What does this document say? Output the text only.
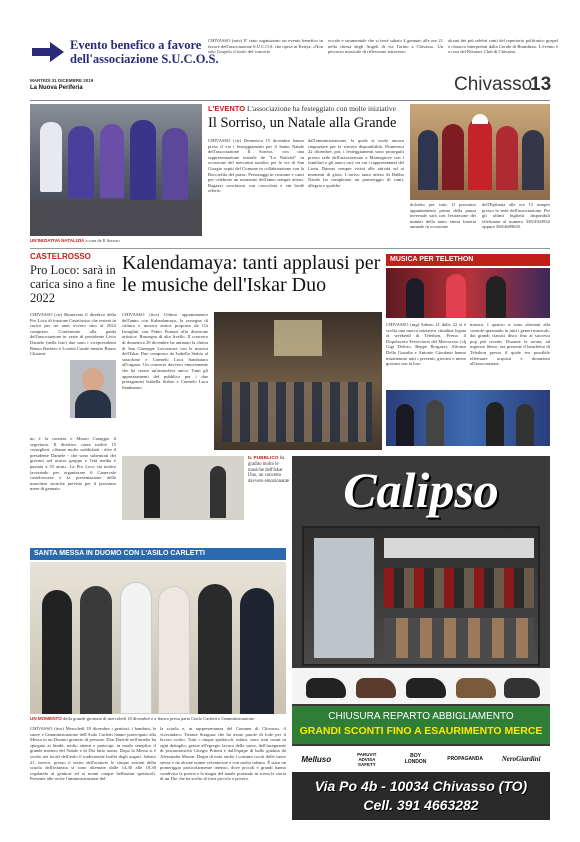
Evento benefico a favore
dell'associazione S.U.C.O.S.
CHIVASSO (mtv) E' stato organizzato un evento benefico in favore dell'associazione S.U.C.O.S. che opera in Kenya. «Non solo Gospel» il titolo del concerto
vocale e strumentale che si terrà sabato 4 gennaio alle ore 21 nella chiesa degli Angeli di via Torino a Chivasso. Un percorso musicale di riflessione attraverso
alcuni dei più celebri canti del repertorio polifonico gospel e classico interpretati dalla Corale di Brandizzo. L'evento è a cura del Rotaract Club di Chivasso.
MARTEDÌ 31 DICEMBRE 2019
La Nuova Periferia	Chivasso
13
UN'INIZIATIVA NATALIZIA a cura de Il Sorriso
L'EVENTO L'associazione ha festeggiato con molte iniziative
Il Sorriso, un Natale alla Grande
CHIVASSO (ctr) Domenica 15 dicembre hanno preso il via i festeggiamenti per il Santo Natale dell'associazione Il Sorriso, con una rappresentazione teatrale de "La Natività" in occasione del mercatini natalizi per le vie di San Giorgio ospiti del Comune in collaborazione con la Bocciofila del paese. Personaggi in costume e canti per celebrare un momento dell'anno sempre atteso. Ragazzi conclusosi con cioccolata e vin brulè offerto
dall'amministrazione, la quale si vuole ancora ringraziare per la sincera disponibilità. Domenica 22 dicembre, poi, i festeggiamenti sono proseguiti presso sede dell'associazione a Montegiove con i familiari e gli amici cari, tra cui i rappresentanti del Lions Duomo sempre vicini alle attività ed ai momenti di gioia. L'arrivo tanto atteso di Babbo Natale ha completato un pomeriggio di canti, allegria e qualche
dolcetto per tutti. Il prossimo appuntamento prima della pausa invernale sarà con l'estrazione dei numeri della tanto attesa lotteria annuale in occasione
dell'Epifania alle ore 15 sempre presso la sede dell'associazione. Per gli ultimi biglietti disponibili telefonare al numero 338/4304932 oppure 360/4689635.
CASTELROSSO
Pro Loco: sarà in carica sino a fine 2022
CHIVASSO (ctr) Rinnovato il direttivo della Pro Loco di frazione Castelrosso che resterà in carica per tre anni ovvero sino al 2022 compreso. Confermato alla guida dell'associazione in veste di presidente Livio Daniele (nella foto) due sono i vicepresidenti Renzo Barbero e Loretta Casale mentre Bruno Chiarmi-
no è la cassiera e Mauro Caraggio il segretario. Il direttivo conta inoltre 15 consiglieri. «Siamo molto soddisfatti - dice il presidente Daniele - che sono subentrati dei giovani nel nostro gruppo e l'età media è passata a 55 anni». La Pro Loco sta inoltre lavorando per organizzare il Carnevale castelrossese e la presentazione delle maschere storiche previste per il prossimo mese di gennaio.
Kalendamaya: tanti applausi per le musiche dell'Iskar Duo
CHIVASSO (ttos) Ultimo appuntamento dell'anno con Kalendamaya, la rassegna di cultura e musica antica proposta da Gli Invaghiti con Fabio Furnari alla direzione artistica. Rassegna di alto livello. Il concerto di domenica 29 dicembre ha animato la chiesa di San Giuseppe Lavoratore con la musica dell'Iskar Duo composto da Isabella Stabio al sassofono e Carmelo Luca Sambataro all'organo. Un concerto davvero emozionante che ha creato un'atmosfera unica. Tanti gli apprezzamenti del pubblico per i due protagonisti Isabella Stabio e Carmelo Luca Sambataro.
IL PUBBLICO ha gradito molto le musiche dell'Iskar Duo, un concerto davvero emozionante
MUSICA PER TELETHON
CHIVASSO (mg) Sabato 21 dalle 22 si è svolta una nuova iniziativa cittadina legata al weekend di Telethon. Presso il Dopolavoro Ferroviario del Mercoroso i dj Gigi Delirio, Beppe Borgazzi, Alfonso Della Guardia e Antonio Giordano hanno intrattenuto tutti i presenti, giovani e meno giovani con la loro
musica. I quattro si sono alternati alla console spaziando in tutti i generi musicali: dai grandi classici disco fino ai successi pop più recenti. Durante la serata, ad ingresso libero, era presente il banchetto di Telethon presso il quale era possibile effettuare acquisti e donazioni all'associazione.
SANTA MESSA IN DUOMO CON L'ASILO CARLETTI
UN MOMENTO della grande giornata di mercoledì 18 dicembre e a fianco presa parte l'asilo Carletti e l'amministrazione
CHIVASSO (ttos) Mercoledì 18 dicembre i genitori, i bambini, le suore e l'amministrazione dell'Asilo Carletti hanno partecipato alla Messa in un Duomo gremito di persone. Don Davide nell'omelia ha spiegato ai bimbi, molto attenti e partecipi, in modo semplice il grande mistero del Natale e di Dio fatto uomo. Dopo la Messa si è svolto nei locali dell'asilo il tradizionale buffet degli auguri. Sabato 21, invece, presso il teatro dell'oratorio le cinque sezioni della scuola dell'infanzia si sono alternate dalle 14,30 alle 18,30 regalando ai genitori ed ai nonni cinque bellissimi spettacoli. Presente alle recite l'amministrazione del-
la scuola e, in rappresentanza del Comune di Chivasso, il vicesindaco Tiziana Siragusa che ha avuto parole di lode per il lavoro svolto. Tutti i cinque spettacoli, infatti, sono stati curati in ogni dettaglio, grazie all'egregio lavoro delle suore, dell'insegnante di psicomotricità Giorgio Pittoni e dall'equipe di ballo guidata da Alessandra Mason. Degni di nota anche i costumi cuciti dalle suore stesse e da alcune nonne volenterose e con molto talento. È stato un pomeriggio particolarmente intenso, dove piccoli e grandi hanno condiviso la poesia e la magia del natale portando in scena la storia di un Dio che ha scelto di farsi piccolo e povero.
Calipso
CHIUSURA REPARTO ABBIGLIAMENTO
GRANDI SCONTI FINO A ESAURIMENTO MERCE
Melluso
PARUVIT ADVISA SAFETY
BOY LONDON	PROPAGANDA	NeroGiardini
Via Po 4b - 10034 Chivasso (TO)
Cell. 391 4663282
